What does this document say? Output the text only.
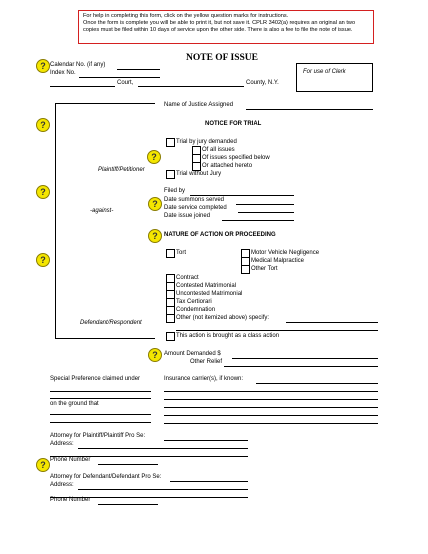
For help in completing this form, click on the yellow question marks for instructions.
Once the form is complete you will be able to print it, but not save it. CPLR 3402(a) requires an original an two copies must be filed within 10 days of service upon the other side. There is also a fee to file the note of issue.
NOTE OF ISSUE
?
?
?
?
?
?
?
?
?
Calendar No. (if any)
Index No.
Court,	County, N.Y.
For use of Clerk
Name of Justice Assigned
Plaintiff/Petitioner
-against-
Defendant/Respondent
NOTICE FOR TRIAL
Trial by jury demanded
Of all issues
Of issues specified below
Or attached hereto
Trial without Jury
Filed by
Date summons served
Date service completed
Date issue joined
NATURE OF ACTION OR PROCEEDING
Tort	Motor Vehicle Negligence
Medical Malpractice
Other Tort
Contract
Contested Matrimonial
Uncontested Matrimonial
Tax Certiorari
Condemnation
Other (not itemized above) specify:
This action is brought as a class action
Amount Demanded $
Other Relief
Special Preference claimed under
on the ground that
Insurance carrier(s), if known:
Attorney for Plaintiff/Plaintiff Pro Se:
Address:
Phone Number
Attorney for Defendant/Defendant Pro Se:
Address:
Phone Number
